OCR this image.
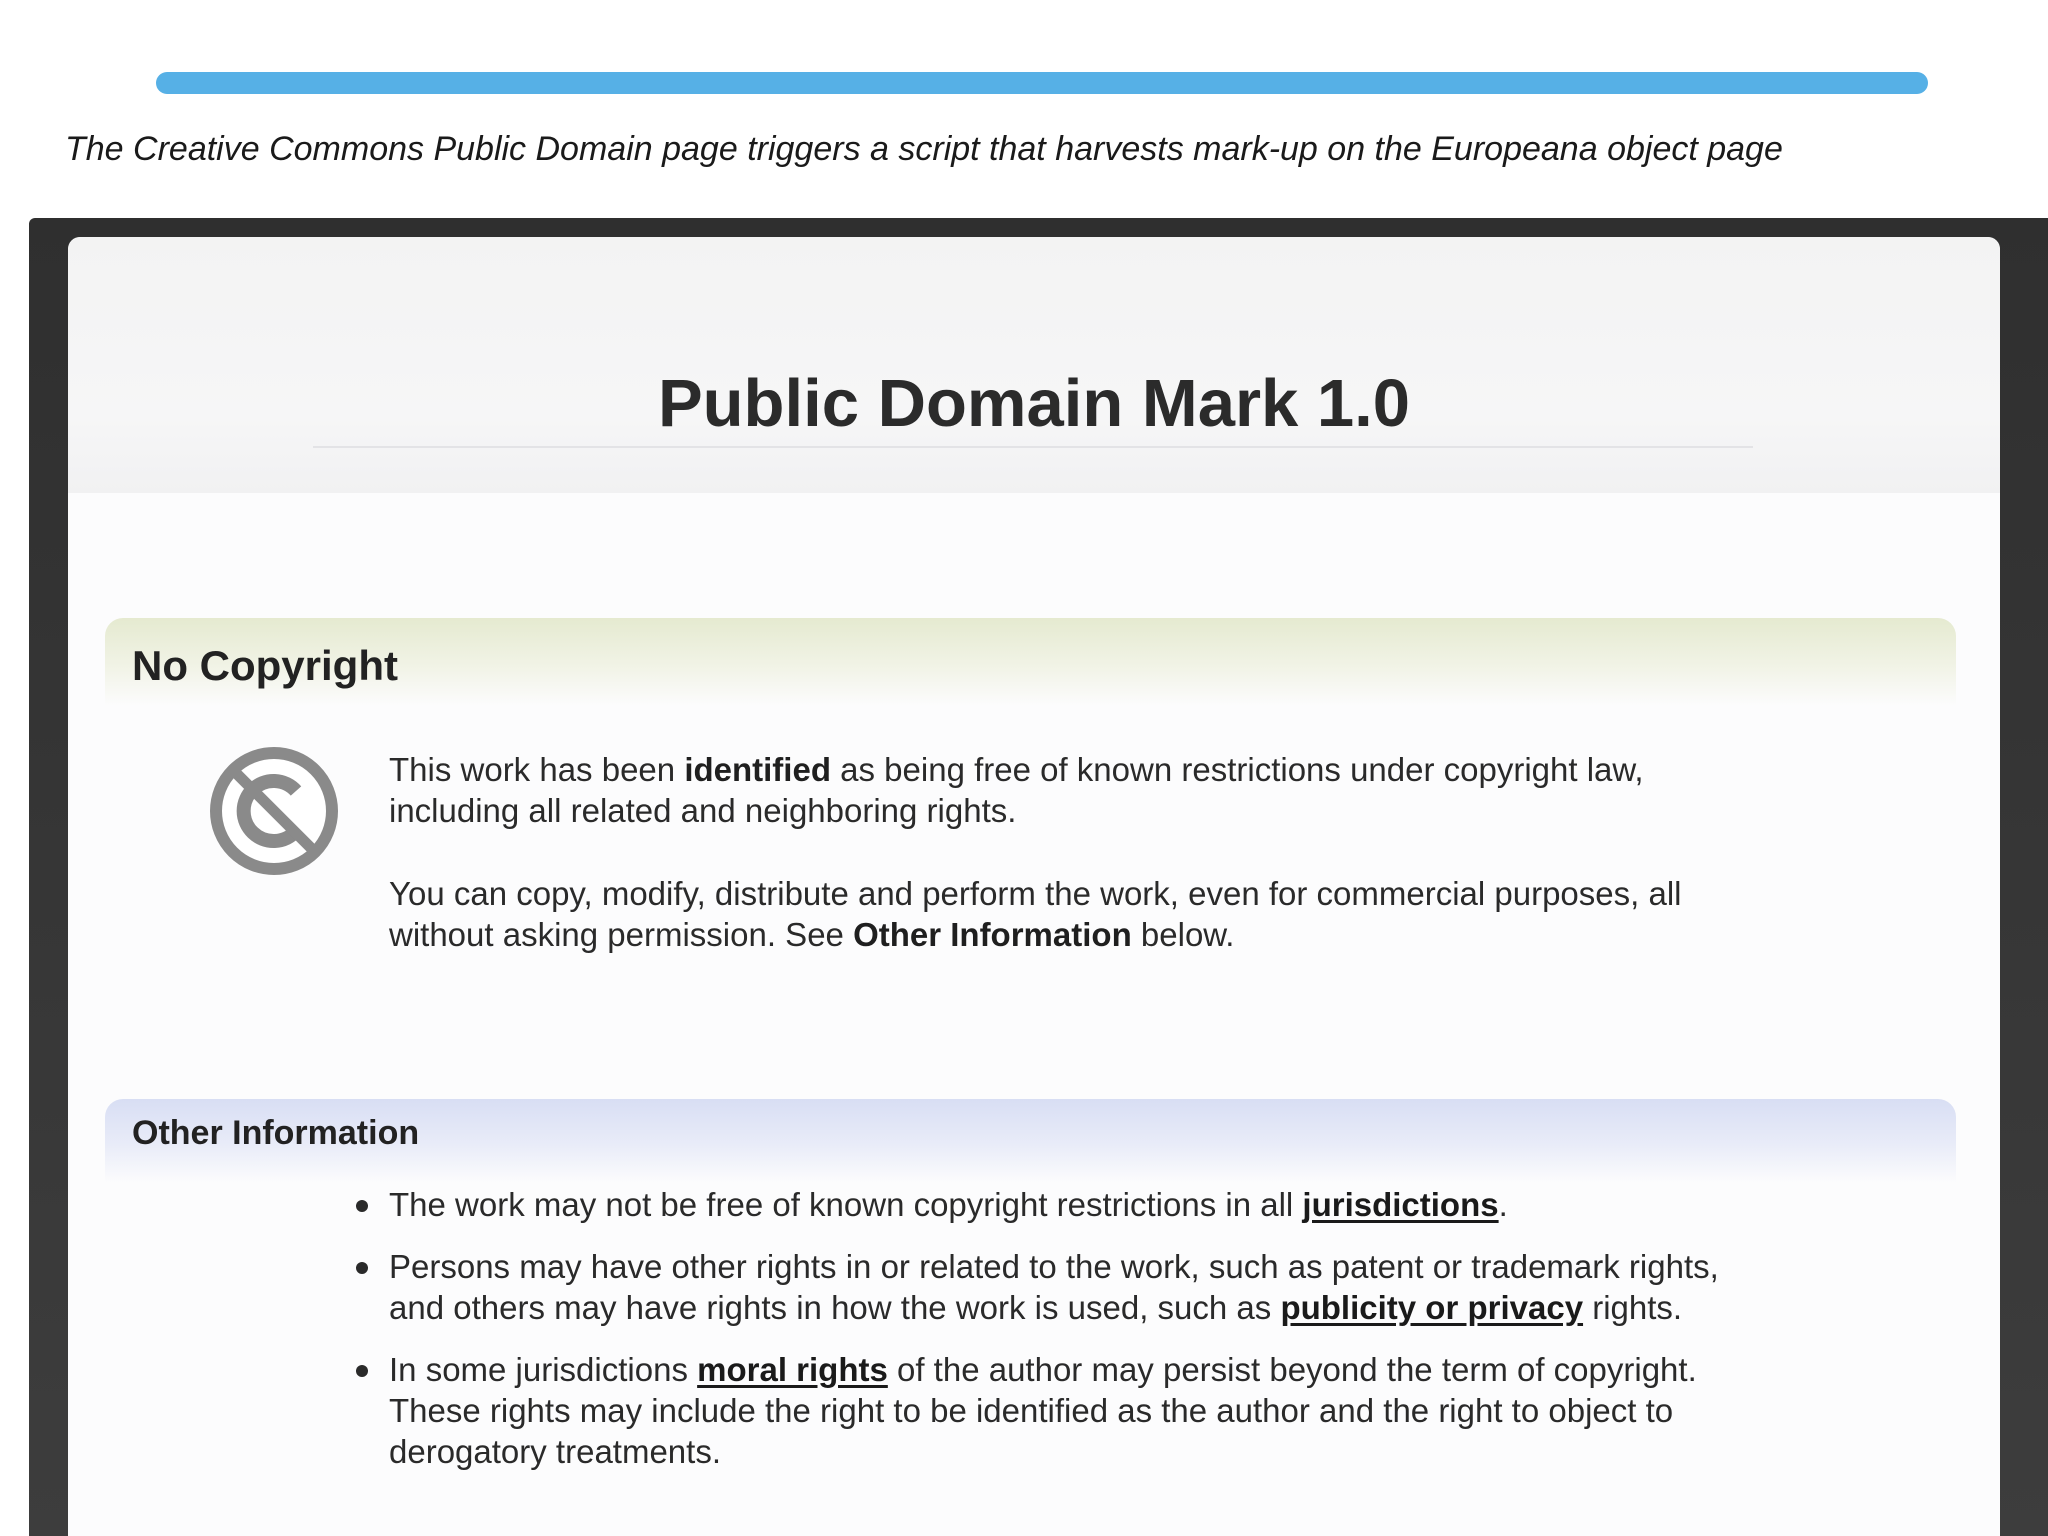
The Creative Commons Public Domain page triggers a script that harvests mark-up on the Europeana object page
Public Domain Mark 1.0
No Copyright

This work has been identified as being free of known restrictions under copyright law, including all related and neighboring rights.

You can copy, modify, distribute and perform the work, even for commercial purposes, all without asking permission. See Other Information below.

Other Information
The work may not be free of known copyright restrictions in all jurisdictions.
Persons may have other rights in or related to the work, such as patent or trademark rights, and others may have rights in how the work is used, such as publicity or privacy rights.
In some jurisdictions moral rights of the author may persist beyond the term of copyright. These rights may include the right to be identified as the author and the right to object to derogatory treatments.
